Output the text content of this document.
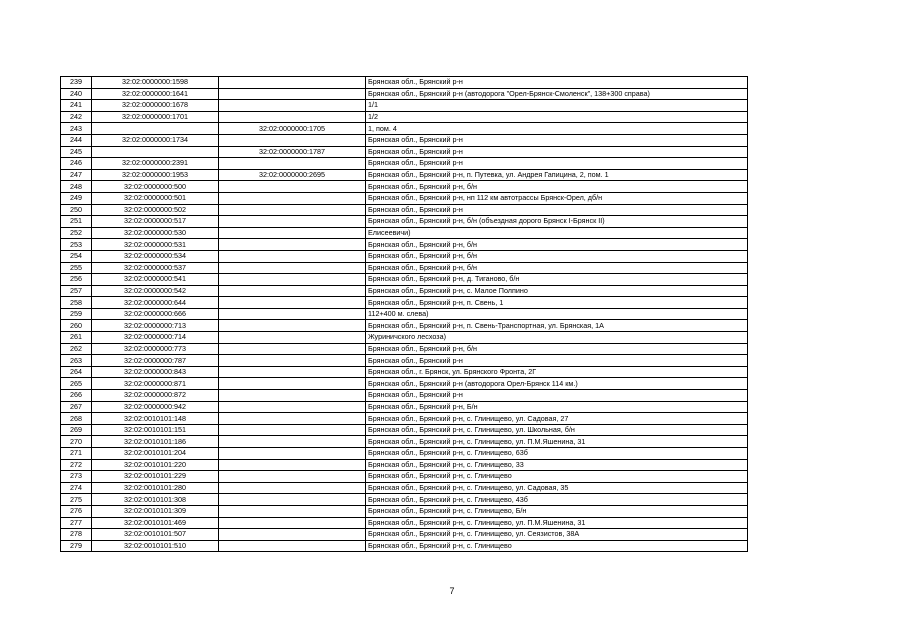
239	32:02:0000000:1598		Брянская обл., Брянский р-н
240	32:02:0000000:1641		Брянская обл., Брянский р-н (автодорога "Орел-Брянск-Смоленск", 138+300 справа)
241	32:02:0000000:1678		1/1
242	32:02:0000000:1701		1/2
243		32:02:0000000:1705	1, пом. 4
244	32:02:0000000:1734		Брянская обл., Брянский р-н
245		32:02:0000000:1787	Брянская обл., Брянский р-н
246	32:02:0000000:2391		Брянская обл., Брянский р-н
247	32:02:0000000:1953	32:02:0000000:2695	Брянская обл., Брянский р-н, п. Путевка, ул. Андрея Гапицина, 2, пом. 1
248	32:02:0000000:500		Брянская обл., Брянский р-н, б/н
249	32:02:0000000:501		Брянская обл., Брянский р-н, нп 112 км автотрассы Брянск-Орел, дб/н
250	32:02:0000000:502		Брянская обл., Брянский р-н
251	32:02:0000000:517		Брянская обл., Брянский р-н, б/н (объездная дорого Брянск I-Брянск II)
252	32:02:0000000:530		Елисеевичи)
253	32:02:0000000:531		Брянская обл., Брянский р-н, б/н
254	32:02:0000000:534		Брянская обл., Брянский р-н, б/н
255	32:02:0000000:537		Брянская обл., Брянский р-н, б/н
256	32:02:0000000:541		Брянская обл., Брянский р-н, д. Тиганово, б/н
257	32:02:0000000:542		Брянская обл., Брянский р-н, с. Малое Полпино
258	32:02:0000000:644		Брянская обл., Брянский р-н, п. Свень, 1
259	32:02:0000000:666		112+400 м. слева)
260	32:02:0000000:713		Брянская обл., Брянский р-н, п. Свень-Транспортная, ул. Брянская, 1А
261	32:02:0000000:714		Журиничского лесхоза)
262	32:02:0000000:773		Брянская обл., Брянский р-н, б/н
263	32:02:0000000:787		Брянская обл., Брянский р-н
264	32:02:0000000:843		Брянская обл., г. Брянск, ул. Брянского Фронта, 2Г
265	32:02:0000000:871		Брянская обл., Брянский р-н (автодорога Орел-Брянск 114 км.)
266	32:02:0000000:872		Брянская обл., Брянский р-н
267	32:02:0000000:942		Брянская обл., Брянский р-н, Б/н
268	32:02:0010101:148		Брянская обл., Брянский р-н, с. Глинищево, ул. Садовая, 27
269	32:02:0010101:151		Брянская обл., Брянский р-н, с. Глинищево, ул. Школьная, б/н
270	32:02:0010101:186		Брянская обл., Брянский р-н, с. Глинищево, ул. П.М.Яшенина, 31
271	32:02:0010101:204		Брянская обл., Брянский р-н, с. Глинищево, 63б
272	32:02:0010101:220		Брянская обл., Брянский р-н, с. Глинищево, 33
273	32:02:0010101:229		Брянская обл., Брянский р-н, с. Глинищево
274	32:02:0010101:280		Брянская обл., Брянский р-н, с. Глинищево, ул. Садовая, 35
275	32:02:0010101:308		Брянская обл., Брянский р-н, с. Глинищево, 43б
276	32:02:0010101:309		Брянская обл., Брянский р-н, с. Глинищево, Б/н
277	32:02:0010101:469		Брянская обл., Брянский р-н, с. Глинищево, ул. П.М.Яшенина, 31
278	32:02:0010101:507		Брянская обл., Брянский р-н, с. Глинищево, ул. Сеязистов, 38А
279	32:02:0010101:510		Брянская обл., Брянский р-н, с. Глинищево
7
